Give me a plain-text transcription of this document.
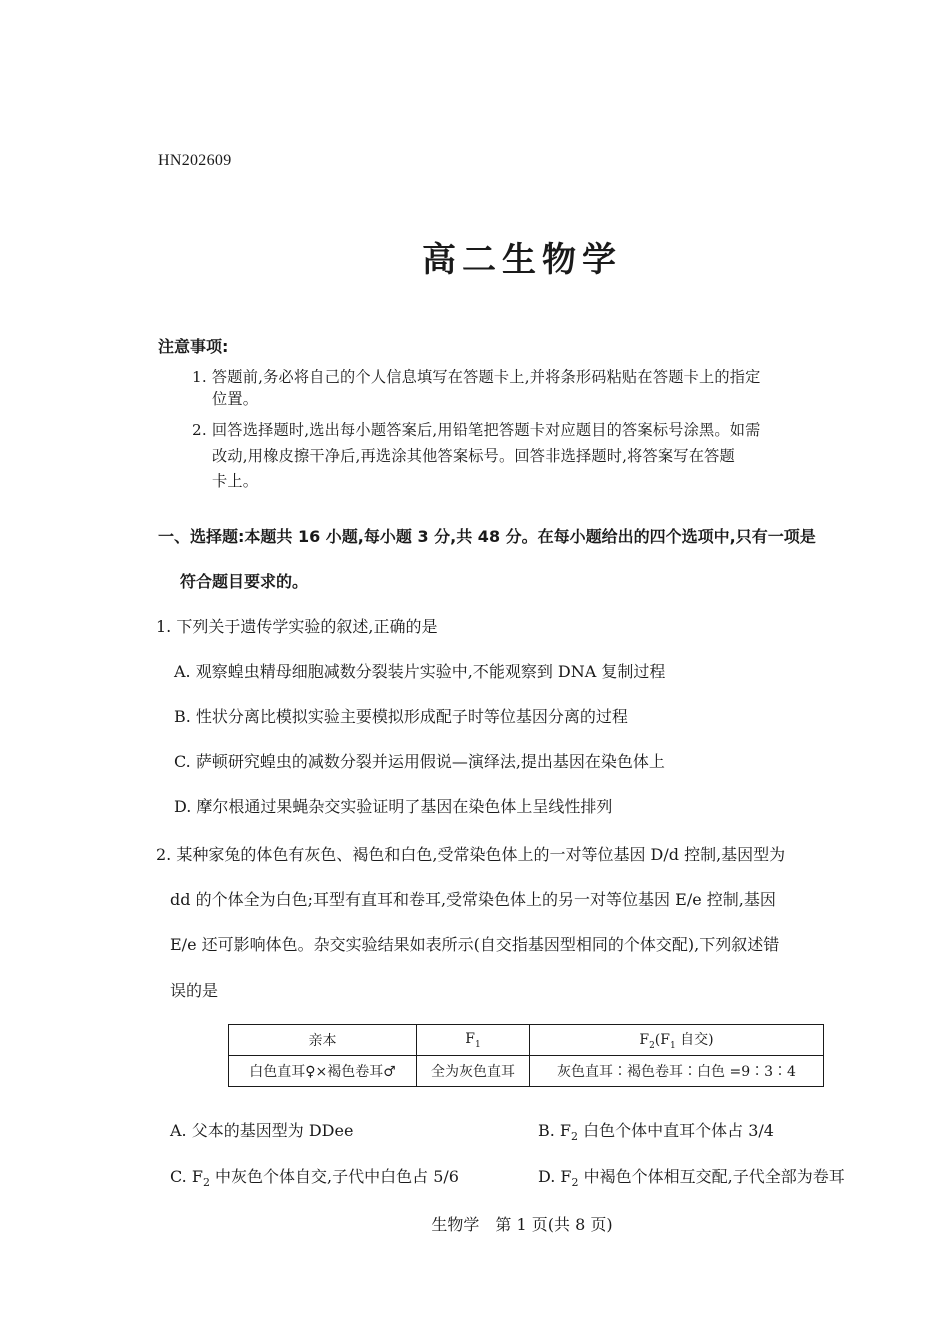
HN202609
高二生物学
注意事项:
1. 答题前,务必将自己的个人信息填写在答题卡上,并将条形码粘贴在答题卡上的指定
位置。
2. 回答选择题时,选出每小题答案后,用铅笔把答题卡对应题目的答案标号涂黑。如需
改动,用橡皮擦干净后,再选涂其他答案标号。回答非选择题时,将答案写在答题
卡上。
一、选择题:本题共 16 小题,每小题 3 分,共 48 分。在每小题给出的四个选项中,只有一项是
符合题目要求的。
1. 下列关于遗传学实验的叙述,正确的是
A. 观察蝗虫精母细胞减数分裂装片实验中,不能观察到 DNA 复制过程
B. 性状分离比模拟实验主要模拟形成配子时等位基因分离的过程
C. 萨顿研究蝗虫的减数分裂并运用假说—演绎法,提出基因在染色体上
D. 摩尔根通过果蝇杂交实验证明了基因在染色体上呈线性排列
2. 某种家兔的体色有灰色、褐色和白色,受常染色体上的一对等位基因 D/d 控制,基因型为
dd 的个体全为白色;耳型有直耳和卷耳,受常染色体上的另一对等位基因 E/e 控制,基因
E/e 还可影响体色。杂交实验结果如表所示(自交指基因型相同的个体交配),下列叙述错
误的是
亲本	$F_1$	$F_2(F_1$ 自交)
白色直耳♀×褐色卷耳♂	全为灰色直耳	灰色直耳∶褐色卷耳∶白色 =9∶3∶4
A. 父本的基因型为 DDee	B. $F_2$ 白色个体中直耳个体占 3/4
C. $F_2$ 中灰色个体自交,子代中白色占 5/6	D. $F_2$ 中褐色个体相互交配,子代全部为卷耳
生物学　第 1 页(共 8 页)
